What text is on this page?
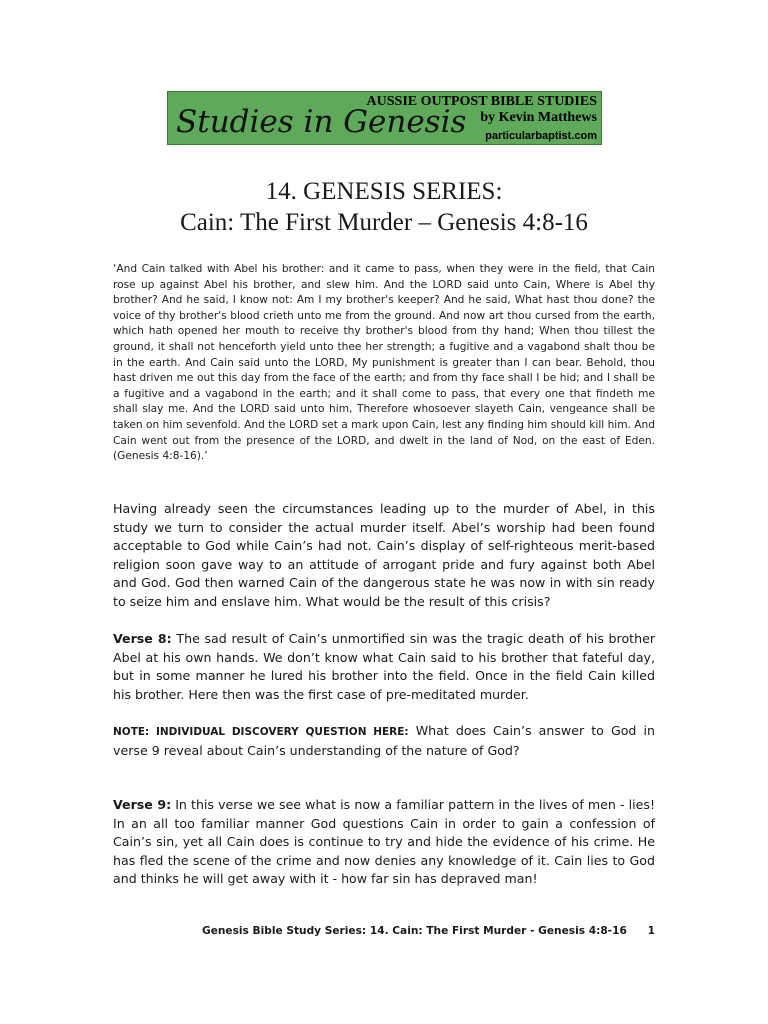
Studies in Genesis
AUSSIE OUTPOST BIBLE STUDIES
by Kevin Matthews
particularbaptist.com
14. GENESIS SERIES:
Cain: The First Murder – Genesis 4:8-16

‘And Cain talked with Abel his brother: and it came to pass, when they were in the field, that Cain rose up against Abel his brother, and slew him. And the LORD said unto Cain, Where is Abel thy brother? And he said, I know not: Am I my brother's keeper? And he said, What hast thou done? the voice of thy brother's blood crieth unto me from the ground. And now art thou cursed from the earth, which hath opened her mouth to receive thy brother's blood from thy hand; When thou tillest the ground, it shall not henceforth yield unto thee her strength; a fugitive and a vagabond shalt thou be in the earth. And Cain said unto the LORD, My punishment is greater than I can bear. Behold, thou hast driven me out this day from the face of the earth; and from thy face shall I be hid; and I shall be a fugitive and a vagabond in the earth; and it shall come to pass, that every one that findeth me shall slay me. And the LORD said unto him, Therefore whosoever slayeth Cain, vengeance shall be taken on him sevenfold. And the LORD set a mark upon Cain, lest any finding him should kill him. And Cain went out from the presence of the LORD, and dwelt in the land of Nod, on the east of Eden. (Genesis 4:8-16).’

Having already seen the circumstances leading up to the murder of Abel, in this study we turn to consider the actual murder itself. Abel’s worship had been found acceptable to God while Cain’s had not. Cain’s display of self-righteous merit-based religion soon gave way to an attitude of arrogant pride and fury against both Abel and God. God then warned Cain of the dangerous state he was now in with sin ready to seize him and enslave him. What would be the result of this crisis?

Verse 8: The sad result of Cain’s unmortified sin was the tragic death of his brother Abel at his own hands. We don’t know what Cain said to his brother that fateful day, but in some manner he lured his brother into the field. Once in the field Cain killed his brother. Here then was the first case of pre-meditated murder.

NOTE: INDIVIDUAL DISCOVERY QUESTION HERE: What does Cain’s answer to God in verse 9 reveal about Cain’s understanding of the nature of God?

Verse 9: In this verse we see what is now a familiar pattern in the lives of men - lies! In an all too familiar manner God questions Cain in order to gain a confession of Cain’s sin, yet all Cain does is continue to try and hide the evidence of his crime. He has fled the scene of the crime and now denies any knowledge of it. Cain lies to God and thinks he will get away with it - how far sin has depraved man!

Genesis Bible Study Series: 14. Cain: The First Murder - Genesis 4:8-16 1
